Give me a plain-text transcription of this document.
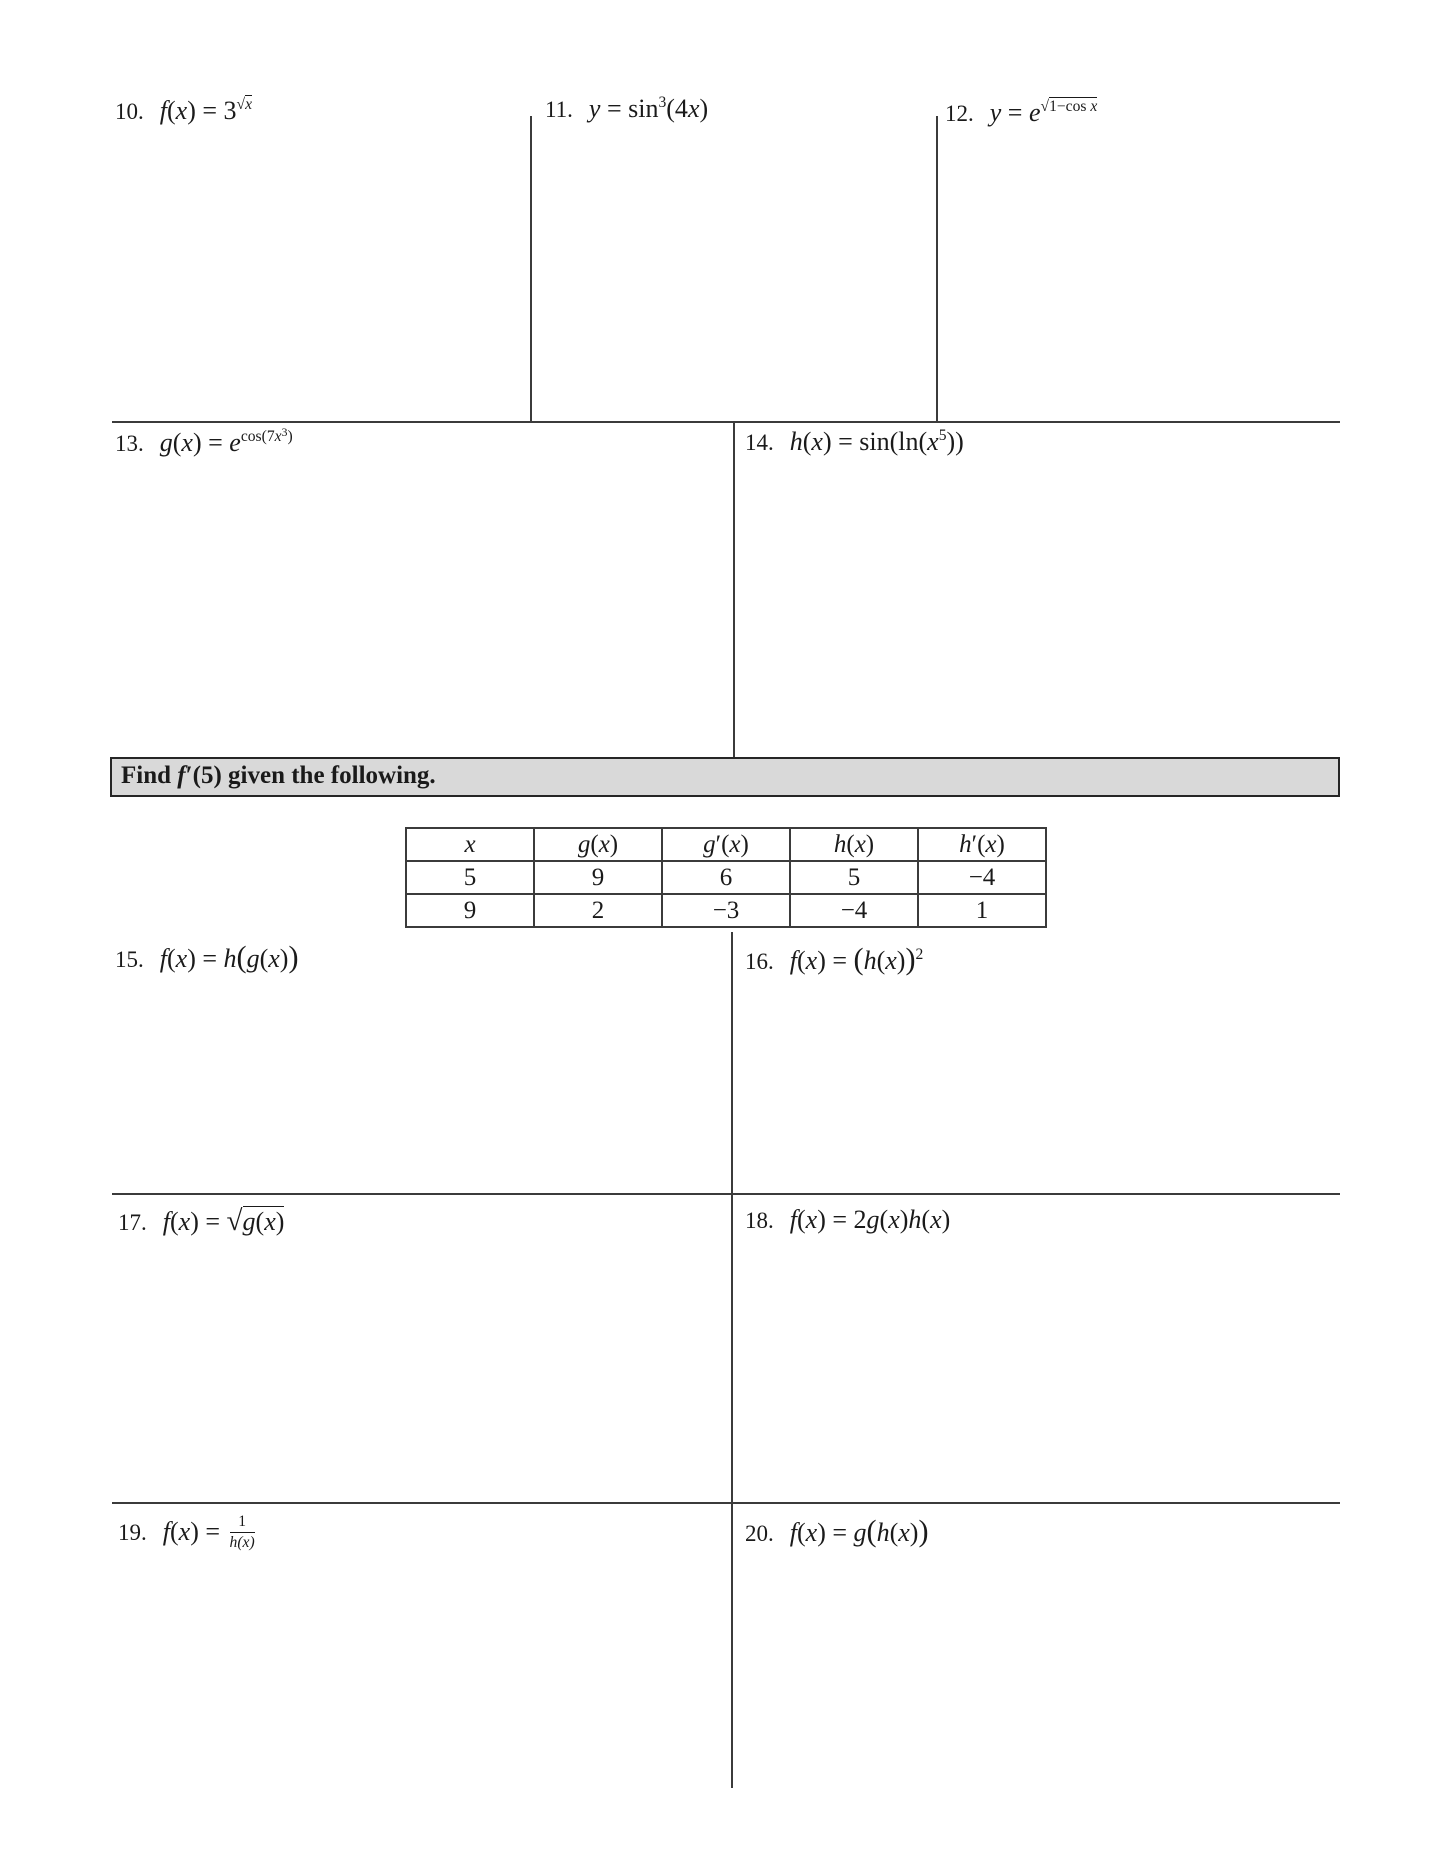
10. f(x) = 3√x	11. $y = \sin^3(4x)$	12. y = e√1−cos x
13. $g(x) = e^{cos(7x3)}$	14. $h(x) = \sin(\ln(x^5))$
Find f′(5) given the following.
x	g(x)	g′(x)	h(x)	h′(x)
5	9	6	5	−4
9	2	−3	−4	1
15. f(x) = h(g(x))	16. $f(x) = (h(x))^2$
17. f(x) = √g(x)	18. f(x) = 2g(x)h(x)
19. $f(x) = \frac{1}{h(x)}$	20. f(x) = g(h(x))
